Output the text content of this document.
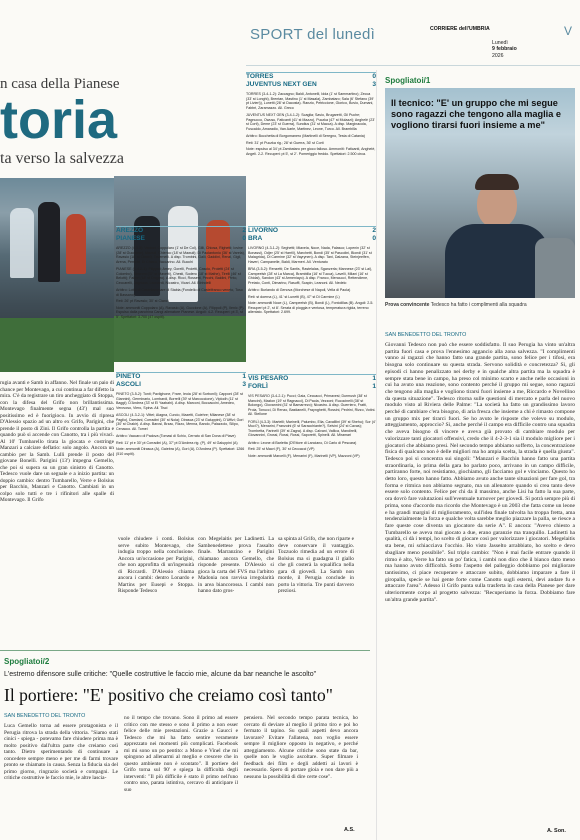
SPORT del lunedì	CORRIERE dell'UMBRIA
Lunedì
9 febbraio
2026
V
n casa della Pianese
toria
ta verso la salvezza
rugia avanti e Samb in affanno. Nel finale un paio di chance per Montevago, a cui continua a far difetto la mira. C'è da registrare un tiro ancheggiato di Stoppa, con la difesa del Grifo non brillantissima. Montevago finalmente segna (43') mal suo positissimo ed è fuorigioco. In avvio di ripresa D'Alessio spazio ad un altro ex Grifo, Parigini, che prende il posto di Zini. Il Grifo controlla la partita e quando può si accende con Canotto, tra i più vivaci. Al 10' Tumbarello tirata la giocata e costringe Manzari a calciare deflatio: solo angolo. Ancora un cambio per la Samb. Lulli prende il posto del giovane Bonelli. Parigini (13') impegna Gemello, che poi si supera su un gran sinistro di Canotto. Tedesco vuole dare un segnale e a inizio partita: un doppio cambio: dentro Tumbarello, Verre e Bolsius per Bacchin, Manzari e Canotto. Cambiati in un colpo solo tutti e tre i rifinitori alle spalle di Montevago. Il Grifo
PINETO	1
ASCOLI	3
PINETO (3-5-2): Tonti; Pavlighone, Frare, Ieoia (28' st Sorbonli); Capponi (28' st Giannini), Germinario, Lombardi, Borrelli (39' st Marcoccione), Viplodh (11' st Baggi); D'Andrea (33' st El Yaabahi). A disp. Marconi, Boccaccini, Amedeo, Verovoso, Viero, Spina. All. Tisci
ASCOLI (4-3-2-1): Vittei; Alagna, Curcio, Mazetti, Guiehre; Milanese (38' st Paglio), Damiani, Corradini (30' st Nola); Dirasca (23' st Galuppini), D'Uffizi; Gori (30' st Chakir). A disp. Barosi, Brzac, Rizzo, Menna, Bando, Palazzolo, Silipo, Cenacco. All. Tomei
Arbitro: Vaccaro di Padova (Tomasi di Schio, Cerrato di San Dona di Piave)
Reti: 11' pt e 30' pt Corradini (A), 37' pt D'Andrea rig. (P), 49' st Galuppini (A)
Note: ammoniti Dirasca (A), Gaiebra (A), Gori (A), D'Andrea (P). Spettatori: 1266 (510 ospiti).
TORRES	0
JUVENTUS NEXT GEN	3
TORRES (3-4-1-2): Zaccagno; Baldi, Antonelli, Idda (1' st Sammartino); Zecca (33' st Longhi), Brentan, Mastino (1' st Masala), Zambataro; Sala (6' Stefano (39' pt Livieri)), Lunetti (28' st Dacosta). Ranzio, Petriccione, Giorico, Bovio, Dumani, Fabbri, Zaramazzo. All. Greco
JUVENTUS NEXT GEN (3-4-1-2): Scaglia; Savio, Brugaretti, Gil Puche; Pagnucco, Owusu, Faticanti (41' st Mazzo), Puczka (47' st Mulazzi); Anghelè (23' st Corti), Deme (23' st Guerra), Sundius (31' st Macca). A disp. Marginacola, Fuscaldo, Amaradio, Van Aarle, Martinez, Leone, Turco. All. Brambilla
Arbitro: Bocchetta di Borgomanero (Martinelli di Seregno, Testa di Catania)
Reti: 31' pt Puczka rig.; 28' st Guerra, 36' st Corti
Note: espulso al 34' pt Zambataro per gioco falloso. Ammoniti: Faticanti, Anghelè, Angeli. 2-2. Recuperi: pt 5', st 2'. Pomeriggio freddo. Spettatori: 2.500 circa.
AREZZO	2
PIANESE	0
AREZZO (4-3-3): Venturi; Coppolaro (1' st De Col), Gilli, Chiosa, Righetti; Iovine (28' st Guccione), Mawuli, Chierico (18' st Mawuli); Di Paolantonio (36' st Varela), Ravasio (18' st Cianci), Tavernelli. A disp. Trombini, Galli, Gaddini, Renzi, Gigli, Arena, Perrichi, Di Chiara, Vaccarino. All. Bucchi
PIANESE (3-4-2-1): Filippini; Amey, Gorelli, Proietti, Cascio, Proietti (24' st Colombo), Simeoni (37' st Mavetti), Chesti, Sodero (18' st Mathe), Tirelli (46' st Belotti); Fabbri (18' st Ongaro). A disp. Ricci, Rossetti, Pecchi, Baldini, Pinto, Ceccarelli, Jagrioua, Leonardi, Nicastro, Vicari. All. Birindelli
Arbitro: Lotto di Castellammare di Stabia (Fondello di Castelfranco veneto, Toso di Bassano)
Reti: 26' pt Ravasio; 30' st Cianci
Note: ammoniti Coppolaro (A), Ravasio (A), Guccione (A), Filippoli (P), Ilenic (P). Espulso dalla panchina Cangi allenatore Pianese. Angoli: 4-2. Recuperi: pt 3', st 5'. Spettatori: 3.700 (47 ospiti).
LIVORNO	2
BRA	0
LIVORNO (4-3-1-2): Seghetti; Miavela, Noce, Nada, Falasco; Lopenin (32' st Bonassi), Odjer (25' st Harrill), Marchetti, Bondi (35' st Pascolini, Biondi (31' st Malagrida), Di Carmine (32' st Vayrynen). A disp. Tani, Dalzana, Steinjeelfen, Haveri, Campanelle, Baldi, Marmeri. All. Venturato
BRA (3-5-2): Renzetti; De Santis, Rastelalas, Sganzerla; Mannese (23' st Lai), Campeelsh (28' st La Marca), Brambilla (16' st Tucca), Lavelli, Milani (16' st Ghidai), Sandon (43' st Armeniayo). A disp. Franco, Mencucci, Rettendiene, Pretato, Conti, Dimarino, Rasuffi, Scapin, Leanoni. All. Nedelo
Arbitro: Burlando di Genova (Morchese di Napoli, Vella di Paola)
Reti: st doerna (L), 41' st Lunetti (B), 47' st Di Carmine (L)
Note: ammoniti Noce (L), Campeelsh (B), Bondi (L), Fontolillas (B). Angoli: 2-5. Recuperi pt 2', st 8'. Serata di pioggia e ventosa, temperatura rigida, terreno allentato. Spettatori: 2.699.
VIS PESARO	1
FORLÌ	1
VIS PESARO (3-4-2-1): Pucci; Gaia, Ceccacci, Primavesi; Durmush (38' st Mancini), Mazlon (19' st Ragnacci), Di Paola, Vezzoni; Rucocinelli (38' st Bolongo), Giovannini (31' st Bamarrezo); Nicastro. A disp. Guerriero, Fratti, Proia, Tonucci, Di Renzo, Bastianelli, Fraynghetti, Rossini, Pedrini, Rizzo, Votini. All. Stellone
FORLÌ (4-3-3): Martelli; Marinelli, Palumbo, Elia, Cavalllini (39' st Shehu); Sor (4' Muci?), Menarini, Franzoini (6' st Saracchiante?), Selvini (24' st Cavas); Trombetta, Farinelli (39' st Zagra). A disp. Calvani, Vallica, Mandirelli, Giovannini, Grossi, Rossi, Rossi, Saporetti, Spinelli. All. Miramari
Arbitro: Leone di Barletta (D'Ettore di Lanciano, Di Carlo di Pescara)
Reti: 25' st Macri (F), 30' st Ceccacci (VP)
Note: ammoniti Marcelli (F), Menarini (F), Marinelli (VP), Mazzoni (VP)
vuole chiudere i conti. Bolsius serve subito Montevago, che indugia troppo nella conclusione. Ancora un'occasione per Parigini, che non approfitta di un'ingenuità di Riccardi. D'Alessio chiama ancora i cambi: dentro Lonardo e Martins per Eusepi e Stoppa. Risponde Tedesco
con Megelaitis per Ladinetti. La Sambenedettese prova l'assalto finale. Marranzino e Parigini chiamano ancora Gemello, che risponde presente. D'Alessio si gioca la carta del FVS ma l'arbitro Madonia non ravvisa irregolarità in area biancorossa. I cambi non hanno dato gros-
sa spinta al Grifo, che non riparte e deve conservare il vantaggio. Tozzuolo rimedia ad un errore di Bolsius ma si guadagna il giallo che gli costerà la squalifica nella gara di giovedì. La Samb non morde, il Perugia conclude in porto la vittoria. Tre punti davvero preziosi.
Spogliatoi/2
L'estremo difensore sulle critiche: "Quelle costruttive le faccio mie, alcune da bar neanche le ascolto"
Il portiere: "E' positivo che creiamo così tanto"
SAN BENEDETTO DEL TRONTO
Luca Gemello torna ad essere protagonista e il Perugia ritrova la strada della vittoria. "Siamo stati cinici - spiega - potevamo fare chiudere prima ma è molto positivo dall'ultra parte che creiamo così tanto. Dietro sperimentando di continuare a concedere sempre meno e per me di farmi trovare pronto se chiamato in causa. Senza la fiducia sia del primo giorno, ringrazio società e compagni. Le critiche costruttive le faccio mie, le altre lascia-
no il tempo che trovano. Sono il primo ad essere critico con me stesso e sono il primo a non esser felice delle mie prestazioni. Grazie a Gaucci e Tedesco che mi ha fatto sentire veramente apprezzato nei momenti più complicati. Facebook mi mi sono un po pentito: a Mono e Vinel che mi spingono ad allenarmi al meglio e crescere che in questo ambiente non è scontato". Il portiere del Grifo torna sul 90' e spiega la difficoltà degli interventi: "Il più difficile è stato il primo nell'uno contro uno, parata istintiva, cercavo di anticipare il suo
pensiero. Nel secondo tempo parata tecnica, ho cercato di deviare al meglio il primo tiro e poi ho fermato il tapino. Su quali aspetti devo ancora lavorare? Evitare l'allatena, non voglio essere sempre il migliore opposto in negativo, e perché atteggiamento. Alcune critiche sono state da bar, quelle non le voglio ascoltare. Super filmare i feedback dei film e degli addetti ai lavori è necessario. Spero di portare gioia e non dare più a nessuno la possibilità di dire certe cose".
A.S.
Spogliatoi/1
Il tecnico: "E' un gruppo che mi segue sono ragazzi che tengono alla maglia e vogliono tirarsi fuori insieme a me"
Prova convincente Tedesco ha fatto i complimenti alla squadra
SAN BENEDETTO DEL TRONTO
Giovanni Tedesco non può che essere soddisfatto. Il suo Perugia ha vinto un'altra partita fuori casa e prova l'ennesimo aggancio alla zona salvezza. "I complimenti vanno ai ragazzi che hanno fatto una grande partita, sono felice per i tifosi, era bisogna solo continuare su questa strada. Servono solidità e concretezza? Sì, gli episodi ci hanno penalizzato nei derby e in qualche altra partita ma la squadra è sempre stata bene in campo, ha preso col minimo scarto e anche nelle occasioni in cui ha avuto una reazione, sono contento perché il gruppo mi segue, sono ragazzi che tengono alla maglia e vogliono tirarsi fuori insieme a me, Riccardo e Novellino da questa situazione". Tedesco ritorna sulle questioni di mercato e parla del nuovo modulo visto al Riviera delle Palme: "La società ha fatto un grandissimo lavoro perché di cambiare c'era bisogno, di aria fresca che insieme a chi è rimasto compone un gruppo mix per tirarci fuori. Se ho avuto le risposte che volevo su modulo, atteggiamento, approccio? Sì, anche perché il campo era difficile contro una squadra che aveva bisogno di vincere e aveva già provato di cambiare modulo per valorizzare tanti giocatori offensivi, credo che il 4-2-3-1 sia il modulo migliore per i giocatori che abbiamo presi. Nel secondo tempo abbiamo sofferto, la concentrazione fisica di qualcuno non è delle migliori ma ho ampia scelta, la strada è quella giusta". Tedesco poi si concentra sui singoli: "Manzari e Bacchin hanno fatto una partita straordinaria, io prima della gara ho parlato poco, arrivano in un campo difficile, partiranno forte, noi resistiamo, giochiamo, gli facciamo gol e vinciamo. Questo ho detto loro, questo hanno fatto. Abbiamo avuto anche tante situazioni per fare gol, tra forma e ritmica non abbiamo segnato, ma un allenatore quando si crea tanto deve essere solo contento. Felice per chi da il massimo, anche Lisi ha fatto la sua parte, ora dovrò fare valutazioni sull'eventuale turnover per giovedì. Si potrà sempre più di prima, sono d'accordo ma ricordo che Montevago è un 2003 che fatta come un leone e ha grandi margini di miglioramento, sull'idea finale talvolta ha troppa fretta, ama tendenzialmente la forza e qualche volta sarebbe meglio piazzare la palla, se riesce a fare queste cose diventa un giocatore da serie A". E ancora: "Avevo chiesto a Tumbarello se aveva mai giocato a due, erano garanzie ma tranquillo. Ladinetti ha qualità, ci dà i tempi, ho scelto di giocare così per valorizzare i giocatori. Megelaitis sta bene, mi schiacciava l'occhio. Ho visto Jasselto arrabbiato, ho scelto e devo sbagliare meno possibile". Sul triplo cambio: "Non è mai facile entrare quando il ritmo è alto, Verre ha fatto un po' fatica, i cambi non dico che il bianco dato meno ma hanno avuto difficoltà. Sotto l'aspetto del palleggio dobbiamo poi migliorare tantissimo, ci piace recuperare e attaccare subito, dobbiamo imparare a fare il giropalla, specie se hai gente forte come Canotto sugli esterni, devi andare fu e attaccare l'area". Adesso il Grifo punta sulla trasferta in casa della Pianese per dare ulteriormente corpo al progetto salvezza: "Recuperiamo la forza. Dobbiamo fare un'altra grande partita".
A. Son.
